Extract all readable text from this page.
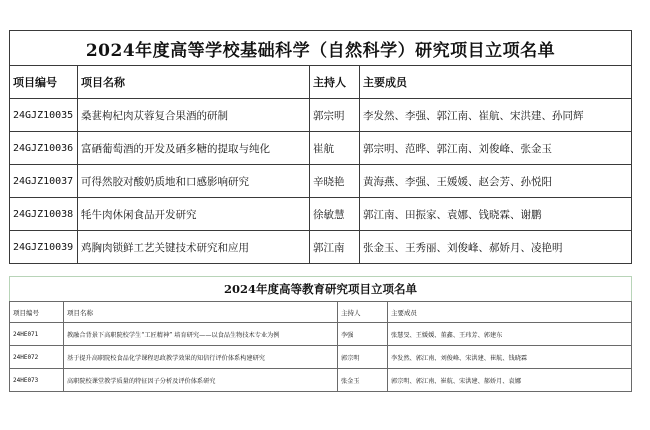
2024年度高等学校基础科学（自然科学）研究项目立项名单			
项目编号	项目名称	主持人	主要成员
24GJZ10035	桑葚枸杞肉苁蓉复合果酒的研制	郭宗明	李发然、李强、郭江南、崔航、宋洪建、孙同辉
24GJZ10036	富硒葡萄酒的开发及硒多糖的提取与纯化	崔航	郭宗明、范晔、郭江南、刘俊峰、张金玉
24GJZ10037	可得然胶对酸奶质地和口感影响研究	辛晓艳	黄海燕、李强、王媛媛、赵会芳、孙悦阳
24GJZ10038	牦牛肉休闲食品开发研究	徐敏慧	郭江南、田振家、袁娜、钱晓霖、谢鹏
24GJZ10039	鸡胸肉锁鲜工艺关键技术研究和应用	郭江南	张金玉、王秀丽、刘俊峰、郝娇月、凌艳明
2024年度高等教育研究项目立项名单			
项目编号	项目名称	主持人	主要成员
24HE071	教融合背景下高职院校学生“工匠精神” 培育研究——以食品生物技术专业为例	李强	张慧旻、王媛媛、董鑫、王玮芳、郭建东
24HE072	基于提升高职院校食品化学课程思政教学效果的知信行评价体系构建研究	郭宗明	李发然、郭江南、刘俊峰、宋洪建、崔航、钱晓霖
24HE073	高职院校课堂教学质量的特征因子分析及评价体系研究	张金玉	郭宗明、郭江南、崔航、宋洪建、郝娇月、袁娜
